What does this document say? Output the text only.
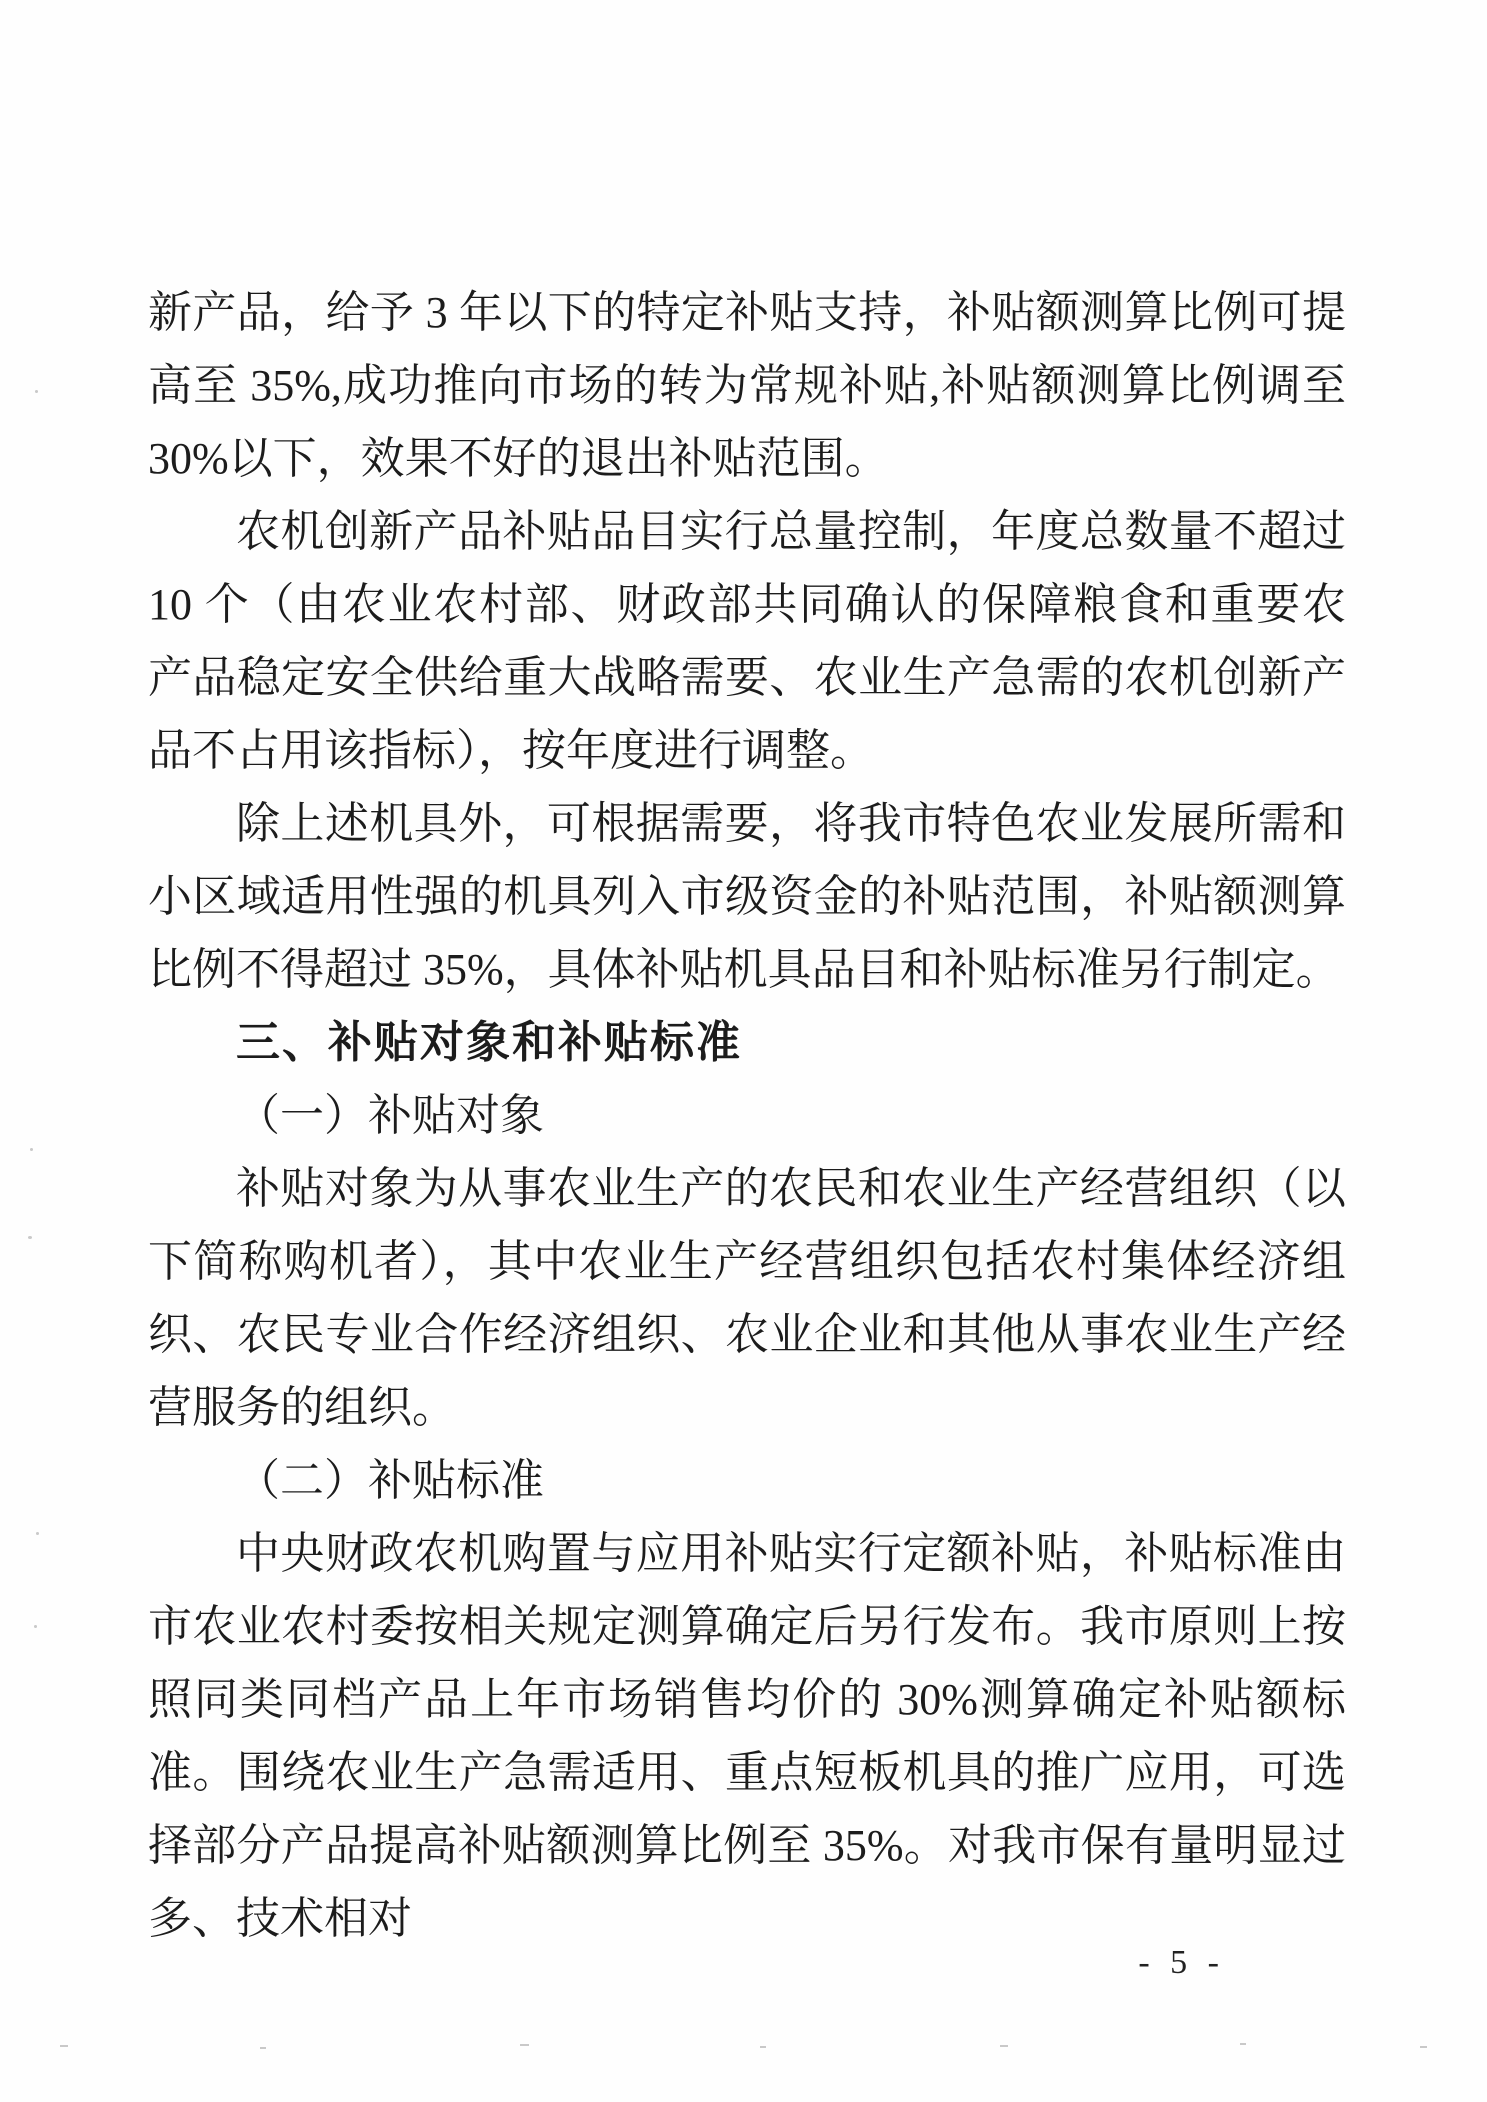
新产品，给予 3 年以下的特定补贴支持，补贴额测算比例可提高至 35%,成功推向市场的转为常规补贴,补贴额测算比例调至 30%以下，效果不好的退出补贴范围。

农机创新产品补贴品目实行总量控制，年度总数量不超过 10 个（由农业农村部、财政部共同确认的保障粮食和重要农产品稳定安全供给重大战略需要、农业生产急需的农机创新产品不占用该指标），按年度进行调整。

除上述机具外，可根据需要，将我市特色农业发展所需和小区域适用性强的机具列入市级资金的补贴范围，补贴额测算比例不得超过 35%，具体补贴机具品目和补贴标准另行制定。

三、补贴对象和补贴标准

（一）补贴对象

补贴对象为从事农业生产的农民和农业生产经营组织（以下简称购机者），其中农业生产经营组织包括农村集体经济组织、农民专业合作经济组织、农业企业和其他从事农业生产经营服务的组织。

（二）补贴标准

中央财政农机购置与应用补贴实行定额补贴，补贴标准由市农业农村委按相关规定测算确定后另行发布。我市原则上按照同类同档产品上年市场销售均价的 30%测算确定补贴额标准。围绕农业生产急需适用、重点短板机具的推广应用，可选择部分产品提高补贴额测算比例至 35%。对我市保有量明显过多、技术相对

- 5 -
